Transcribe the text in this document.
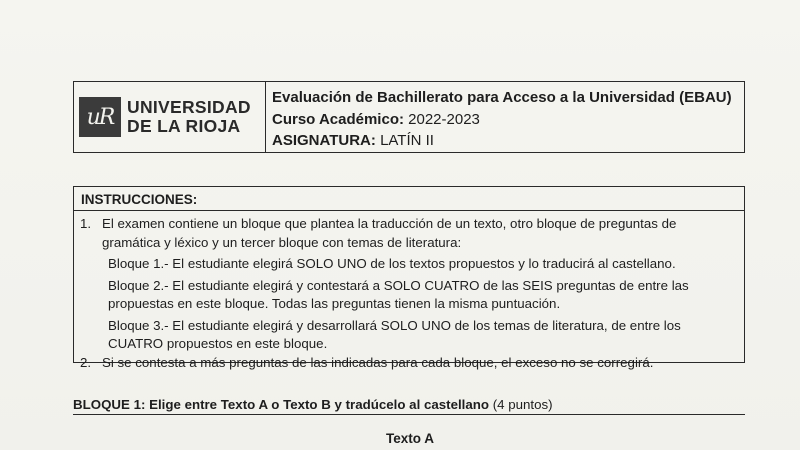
uR UNIVERSIDAD
DE LA RIOJA
Evaluación de Bachillerato para Acceso a la Universidad (EBAU)
Curso Académico: 2022-2023
ASIGNATURA: LATÍN II
INSTRUCCIONES:
1. El examen contiene un bloque que plantea la traducción de un texto, otro bloque de preguntas de gramática y léxico y un tercer bloque con temas de literatura:
Bloque 1.- El estudiante elegirá SOLO UNO de los textos propuestos y lo traducirá al castellano.
Bloque 2.- El estudiante elegirá y contestará a SOLO CUATRO de las SEIS preguntas de entre las propuestas en este bloque. Todas las preguntas tienen la misma puntuación.
Bloque 3.- El estudiante elegirá y desarrollará SOLO UNO de los temas de literatura, de entre los CUATRO propuestos en este bloque.
2. Si se contesta a más preguntas de las indicadas para cada bloque, el exceso no se corregirá.
BLOQUE 1: Elige entre Texto A o Texto B y tradúcelo al castellano (4 puntos)
Texto A
